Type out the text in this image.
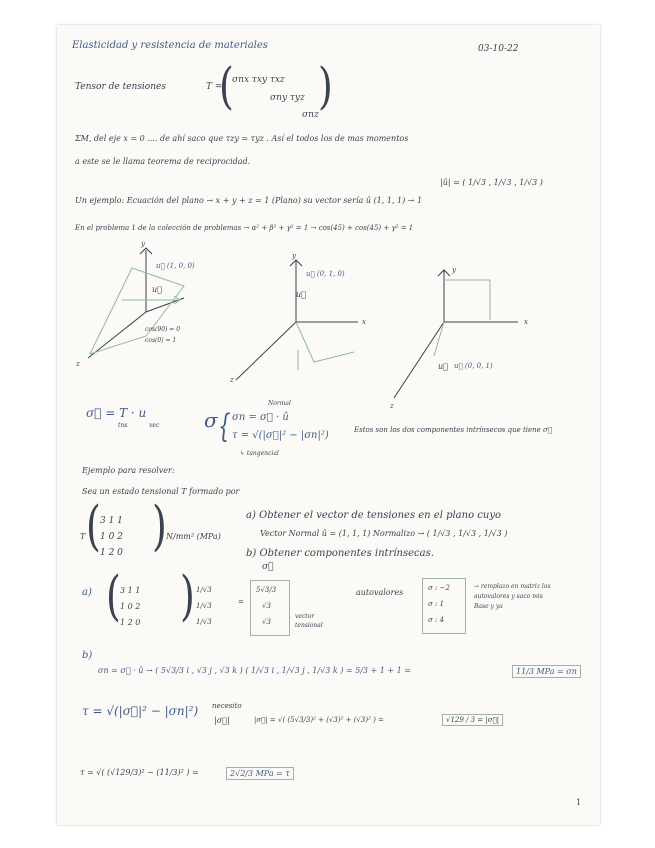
Elasticidad y resistencia de materiales	03-10-22
Tensor de tensiones	T =
(
σnx τxy τxz
σny τyz
σnz
)
ΣM, del eje x = 0 .... de ahí saco que τzy = τyz . Así el todos los de mas momentos
a este se le llama teorema de reciprocidad.
|û| = ( 1/√3 , 1/√3 , 1/√3 )
Un ejemplo: Ecuación del plano → x + y + z = 1 (Plano) su vector sería û (1, 1, 1) → 1
En el problema 1 de la colección de problemas → α² + β² + γ² = 1 → cos(45) + cos(45) + γ² = 1
y
z
u⃗ (1, 0, 0)
u⃗
cos(90) = 0
cos(0) = 1
y
x
z
u⃗ (0, 1, 0)
u⃗
y
x
z
u⃗ (0, 0, 1)
u⃗
σ⃗ = T · u
tns	vec σ {
Normal
σn = σ⃗ · û
τ = √(|σ⃗|² − |σn|²)
↳ tangencial
Estos son los dos componentes intrínsecos que tiene σ⃗
Ejemplo para resolver:
Sea un estado tensional T formado por
T ( 3 1 1
1 0 2
1 2 0 ) N/mm² (MPa)
a) Obtener el vector de tensiones en el plano cuyo
Vector Normal û = (1, 1, 1) Normalizo → ( 1/√3 , 1/√3 , 1/√3 )
b) Obtener componentes intrínsecas.
a) ( 3 1 1
1 0 2
1 2 0 ) 1/√3
1/√3
1/√3
=
σ⃗
5√3/3
√3
√3
vector tensional
autovalores	σ : −2
σ : 1
σ : 4
→ remplazo en matriz los autovalores y saco mis Base y ya
b)
σn = σ⃗ · û → ( 5√3/3 i , √3 j , √3 k ) ( 1/√3 i , 1/√3 j , 1/√3 k ) = 5/3 + 1 + 1 =	11/3 MPa = σn
τ = √(|σ⃗|² − |σn|²) necesito
|σ⃗|	|σ⃗| = √( (5√3/3)² + (√3)² + (√3)² ) =	√129 / 3 = |σ⃗|
τ = √( (√129/3)² − (11/3)² ) =	2√2/3 MPa = τ
1
